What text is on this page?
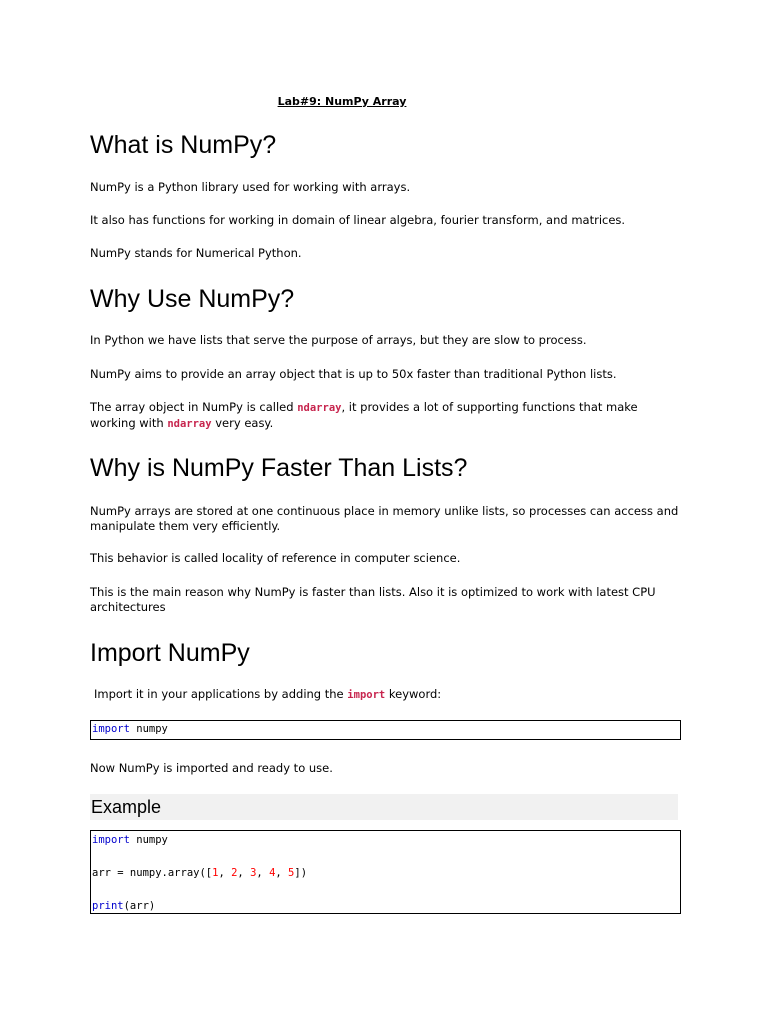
Lab#9: NumPy Array
What is NumPy?
NumPy is a Python library used for working with arrays.
It also has functions for working in domain of linear algebra, fourier transform, and matrices.
NumPy stands for Numerical Python.
Why Use NumPy?
In Python we have lists that serve the purpose of arrays, but they are slow to process.
NumPy aims to provide an array object that is up to 50x faster than traditional Python lists.
The array object in NumPy is called ndarray, it provides a lot of supporting functions that make working with ndarray very easy.
Why is NumPy Faster Than Lists?
NumPy arrays are stored at one continuous place in memory unlike lists, so processes can access and manipulate them very efficiently.
This behavior is called locality of reference in computer science.
This is the main reason why NumPy is faster than lists. Also it is optimized to work with latest CPU architectures
Import NumPy
Import it in your applications by adding the import keyword:
import numpy
Now NumPy is imported and ready to use.
Example
import numpy
arr = numpy.array([1, 2, 3, 4, 5])
print(arr)
